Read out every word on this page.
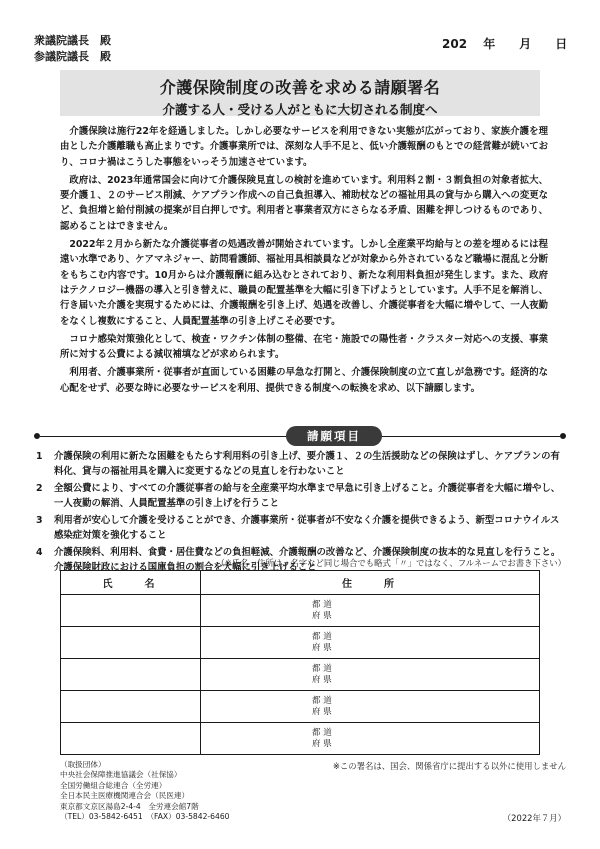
衆議院議長　殿
参議院議長　殿
202　 年　　月　　日
介護保険制度の改善を求める請願署名
介護する人・受ける人がともに大切される制度へ

介護保険は施行22年を経過しました。しかし必要なサービスを利用できない実態が広がっており、家族介護を理由とした介護離職も高止まりです。介護事業所では、深刻な人手不足と、低い介護報酬のもとでの経営難が続いており、コロナ禍はこうした事態をいっそう加速させています。

政府は、2023年通常国会に向けて介護保険見直しの検討を進めています。利用料２割・３割負担の対象者拡大、要介護１、２のサービス削減、ケアプラン作成への自己負担導入、補助杖などの福祉用具の貸与から購入への変更など、負担増と給付削減の提案が目白押しです。利用者と事業者双方にさらなる矛盾、困難を押しつけるものであり、認めることはできません。

2022年２月から新たな介護従事者の処遇改善が開始されています。しかし全産業平均給与との差を埋めるには程遠い水準であり、ケアマネジャー、訪問看護師、福祉用具相談員などが対象から外されているなど職場に混乱と分断をもちこむ内容です。10月からは介護報酬に組み込むとされており、新たな利用料負担が発生します。また、政府はテクノロジー機器の導入と引き替えに、職員の配置基準を大幅に引き下げようとしています。人手不足を解消し、行き届いた介護を実現するためには、介護報酬を引き上げ、処遇を改善し、介護従事者を大幅に増やして、一人夜勤をなくし複数にすること、人員配置基準の引き上げこそ必要です。

コロナ感染対策強化として、検査・ワクチン体制の整備、在宅・施設での陽性者・クラスター対応への支援、事業所に対する公費による減収補填などが求められます。

利用者、介護事業所・従事者が直面している困難の早急な打開と、介護保険制度の立て直しが急務です。経済的な心配をせず、必要な時に必要なサービスを利用、提供できる制度への転換を求め、以下請願します。

請願項目
1	介護保険の利用に新たな困難をもたらす利用料の引き上げ、要介護１、２の生活援助などの保険はずし、ケアプランの有料化、貸与の福祉用具を購入に変更するなどの見直しを行わないこと
2	全額公費により、すべての介護従事者の給与を全産業平均水準まで早急に引き上げること。介護従事者を大幅に増やし、一人夜勤の解消、人員配置基準の引き上げを行うこと
3	利用者が安心して介護を受けることができ、介護事業所・従事者が不安なく介護を提供できるよう、新型コロナウイルス感染症対策を強化すること
4	介護保険料、利用料、食費・居住費などの負担軽減、介護報酬の改善など、介護保険制度の抜本的な見直しを行うこと。介護保険財政における国庫負担の割合を大幅に引き上げること
（※氏名・住所は、名字など同じ場合でも略式「〃」ではなく、フルネームでお書き下さい）
氏　　名	住　　所

	都 道
府 県

	都 道
府 県

	都 道
府 県

	都 道
府 県

	都 道
府 県
（取扱団体）
中央社会保障推進協議会（社保協）
全国労働組合総連合（全労連）
全日本民主医療機関連合会（民医連）
東京都文京区湯島2-4-4　全労連会館7階
（TEL）03-5842-6451　（FAX）03-5842-6460
※この署名は、国会、関係省庁に提出する以外に使用しません
（2022年７月）
